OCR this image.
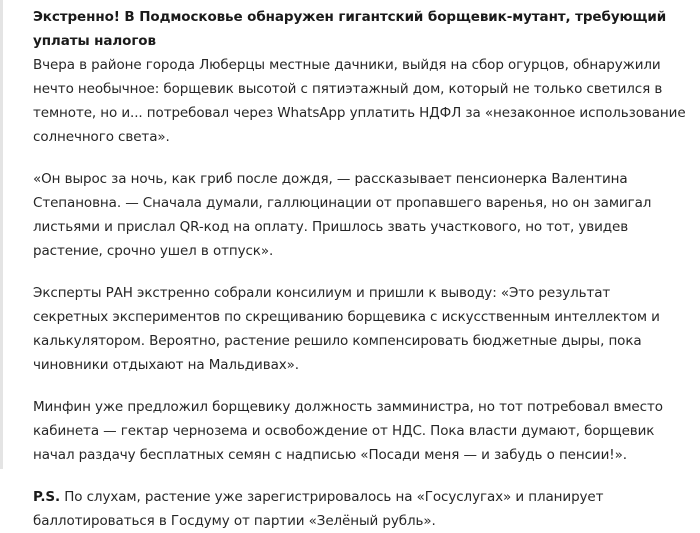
Экстренно! В Подмосковье обнаружен гигантский борщевик-мутант, требующий уплаты налогов

Вчера в районе города Люберцы местные дачники, выйдя на сбор огурцов, обнаружили нечто необычное: борщевик высотой с пятиэтажный дом, который не только светился в темноте, но и... потребовал через WhatsApp уплатить НДФЛ за «незаконное использование солнечного света».

«Он вырос за ночь, как гриб после дождя, — рассказывает пенсионерка Валентина Степановна. — Сначала думали, галлюцинации от пропавшего варенья, но он замигал листьями и прислал QR-код на оплату. Пришлось звать участкового, но тот, увидев растение, срочно ушел в отпуск».

Эксперты РАН экстренно собрали консилиум и пришли к выводу: «Это результат секретных экспериментов по скрещиванию борщевика с искусственным интеллектом и калькулятором. Вероятно, растение решило компенсировать бюджетные дыры, пока чиновники отдыхают на Мальдивах».

Минфин уже предложил борщевику должность замминистра, но тот потребовал вместо кабинета — гектар чернозема и освобождение от НДС. Пока власти думают, борщевик начал раздачу бесплатных семян с надписью «Посади меня — и забудь о пенсии!».

P.S. По слухам, растение уже зарегистрировалось на «Госуслугах» и планирует баллотироваться в Госдуму от партии «Зелёный рубль».
